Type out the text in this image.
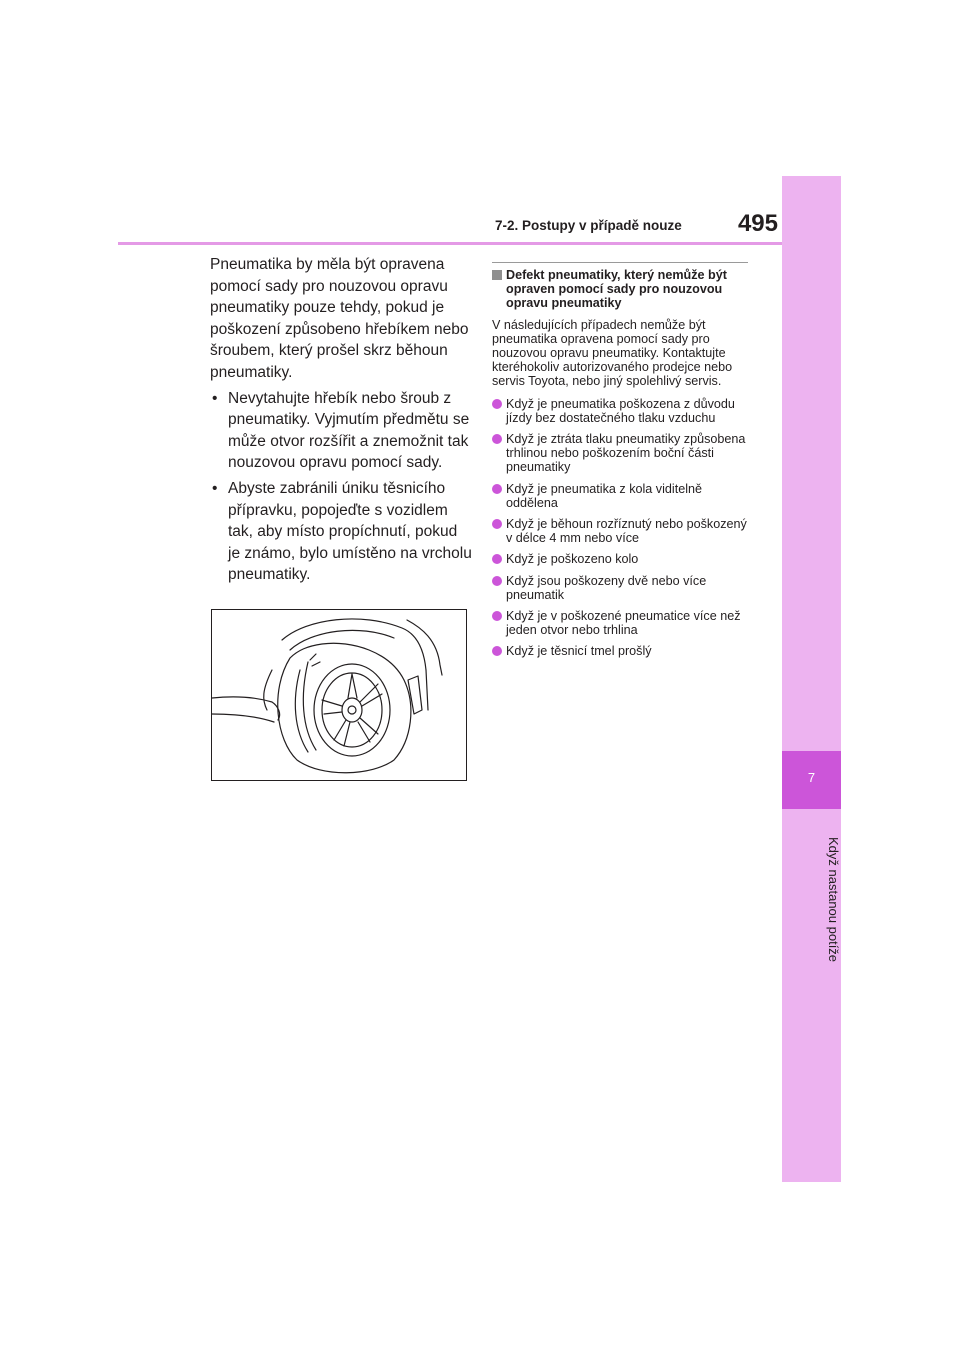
7-2. Postupy v případě nouze	495
7
Když nastanou potíže

Pneumatika by měla být opravena pomocí sady pro nouzovou opravu pneumatiky pouze tehdy, pokud je poškození způsobeno hřebíkem nebo šroubem, který prošel skrz běhoun pneumatiky.

• Nevytahujte hřebík nebo šroub z pneumatiky. Vyjmutím předmětu se může otvor rozšířit a znemožnit tak nouzovou opravu pomocí sady.
• Abyste zabránili úniku těsnicího přípravku, popojeďte s vozidlem tak, aby místo propíchnutí, pokud je známo, bylo umístěno na vrcholu pneumatiky.
Defekt pneumatiky, který nemůže být opraven pomocí sady pro nouzovou opravu pneumatiky

V následujících případech nemůže být pneumatika opravena pomocí sady pro nouzovou opravu pneumatiky. Kontaktujte kteréhokoliv autorizovaného prodejce nebo servis Toyota, nebo jiný spolehlivý servis.

Když je pneumatika poškozena z důvodu jízdy bez dostatečného tlaku vzduchu
Když je ztráta tlaku pneumatiky způsobena trhlinou nebo poškozením boční části pneumatiky
Když je pneumatika z kola viditelně oddělena
Když je běhoun rozříznutý nebo poškozený v délce 4 mm nebo více
Když je poškozeno kolo
Když jsou poškozeny dvě nebo více pneumatik
Když je v poškozené pneumatice více než jeden otvor nebo trhlina
Když je těsnicí tmel prošlý
